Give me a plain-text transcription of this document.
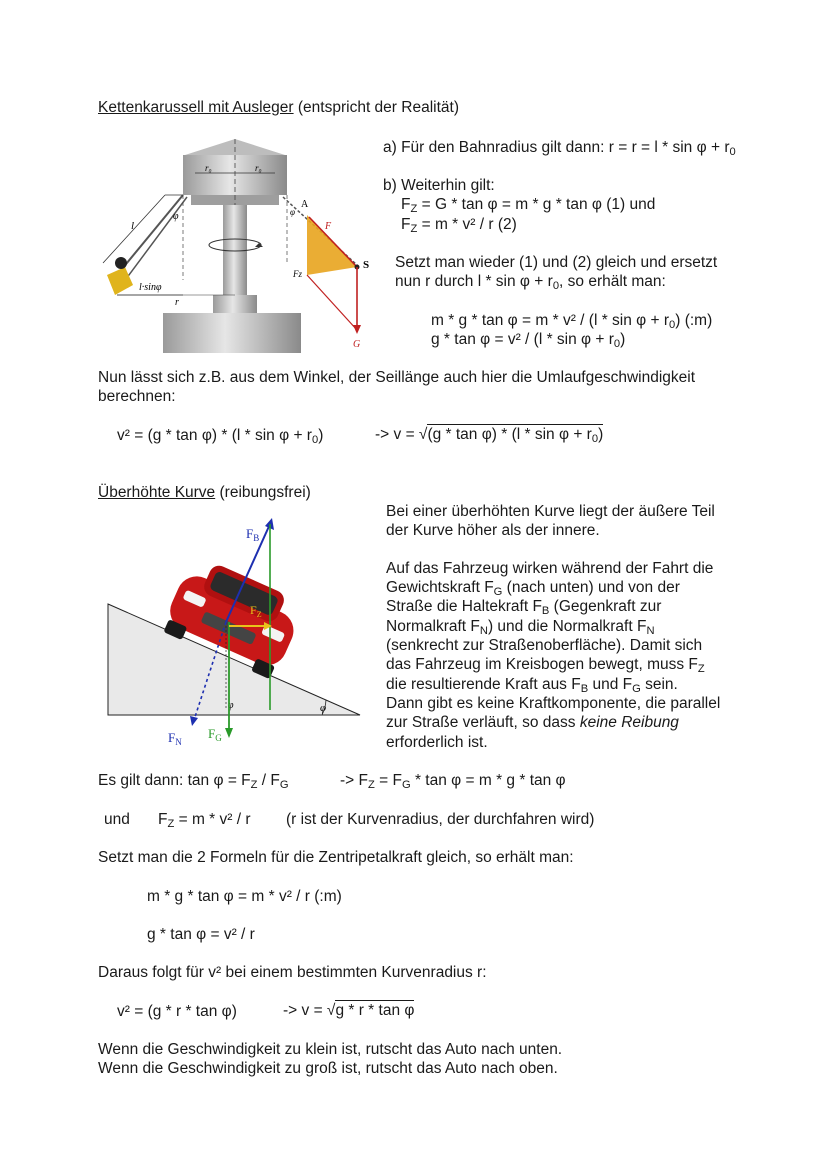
Kettenkarussell mit Ausleger (entspricht der Realität)
r₀	r₀
l
φ
l·sinφ
r
A
φ
F
Fz
S
G
a) Für den Bahnradius gilt dann: $r = r = l * \sin \varphi + r_0$
b) Weiterhin gilt:
$F_Z = G * \tan \varphi = m * g * \tan \varphi$ (1) und
$F_Z = m * v^2 / r$ (2)
Setzt man wieder (1) und (2) gleich und ersetzt
nun r durch $l * \sin \varphi + r_0$, so erhält man:
$m * g * \tan \varphi = m * v^2 / (l * \sin \varphi + r_0)$ (:m)
$g * \tan \varphi = v^2 / (l * \sin \varphi + r_0)$
Nun lässt sich z.B. aus dem Winkel, der Seillänge auch hier die Umlaufgeschwindigkeit
berechnen:
$v^2 = (g * \tan \varphi) * (l * \sin \varphi + r_0)$	-> $v = √(g * \tan \varphi) * (l * \sin \varphi + r_0)$
Überhöhte Kurve (reibungsfrei)
φ
φ
$F_B$
$F_Z$
$F_N$
$F_G$
Bei einer überhöhten Kurve liegt der äußere Teil
der Kurve höher als der innere.
Auf das Fahrzeug wirken während der Fahrt die
Gewichtskraft $F_G$ (nach unten) und von der
Straße die Haltekraft $F_B$ (Gegenkraft zur
Normalkraft $F_N$) und die Normalkraft $F_N$
(senkrecht zur Straßenoberfläche). Damit sich
das Fahrzeug im Kreisbogen bewegt, muss $F_Z$
die resultierende Kraft aus $F_B$ und $F_G$ sein.
Dann gibt es keine Kraftkomponente, die parallel
zur Straße verläuft, so dass keine Reibung
erforderlich ist.
Es gilt dann: $\tan \varphi = F_Z / F_G$	-> $F_Z = F_G * \tan \varphi = m * g * \tan \varphi$
und $F_Z = m * v^2 / r$ (r ist der Kurvenradius, der durchfahren wird)
Setzt man die 2 Formeln für die Zentripetalkraft gleich, so erhält man:
m * g * tan φ = m * v² / r (:m)
g * tan φ = v² / r
Daraus folgt für v² bei einem bestimmten Kurvenradius r:
v² = (g * r * tan φ)	-> v = √g * r * tan φ
Wenn die Geschwindigkeit zu klein ist, rutscht das Auto nach unten.
Wenn die Geschwindigkeit zu groß ist, rutscht das Auto nach oben.
